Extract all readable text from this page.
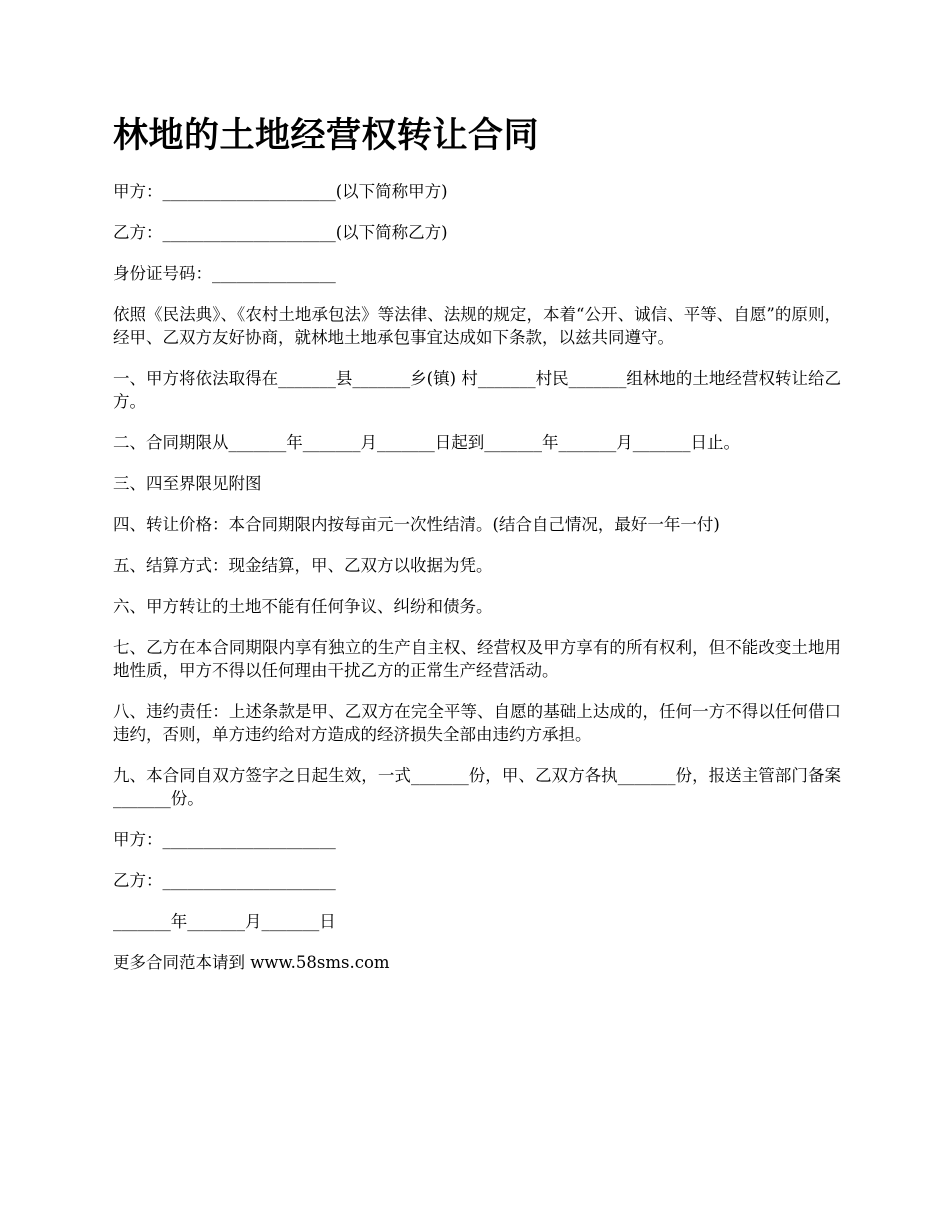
林地的土地经营权转让合同

甲方：_____________________(以下简称甲方)

乙方：_____________________(以下简称乙方)

身份证号码：_______________

依照《民法典》、《农村土地承包法》等法律、法规的规定，本着“公开、诚信、平等、自愿”的原则，经甲、乙双方友好协商，就林地土地承包事宜达成如下条款，以兹共同遵守。

一、甲方将依法取得在_______县_______乡(镇) 村_______村民_______组林地的土地经营权转让给乙方。

二、合同期限从_______年_______月_______日起到_______年_______月_______日止。

三、四至界限见附图

四、转让价格：本合同期限内按每亩元一次性结清。(结合自己情况，最好一年一付)

五、结算方式：现金结算，甲、乙双方以收据为凭。

六、甲方转让的土地不能有任何争议、纠纷和债务。

七、乙方在本合同期限内享有独立的生产自主权、经营权及甲方享有的所有权利，但不能改变土地用地性质，甲方不得以任何理由干扰乙方的正常生产经营活动。

八、违约责任：上述条款是甲、乙双方在完全平等、自愿的基础上达成的，任何一方不得以任何借口违约，否则，单方违约给对方造成的经济损失全部由违约方承担。

九、本合同自双方签字之日起生效，一式_______份，甲、乙双方各执_______份，报送主管部门备案_______份。

甲方：_____________________

乙方：_____________________

_______年_______月_______日

更多合同范本请到 www.58sms.com
